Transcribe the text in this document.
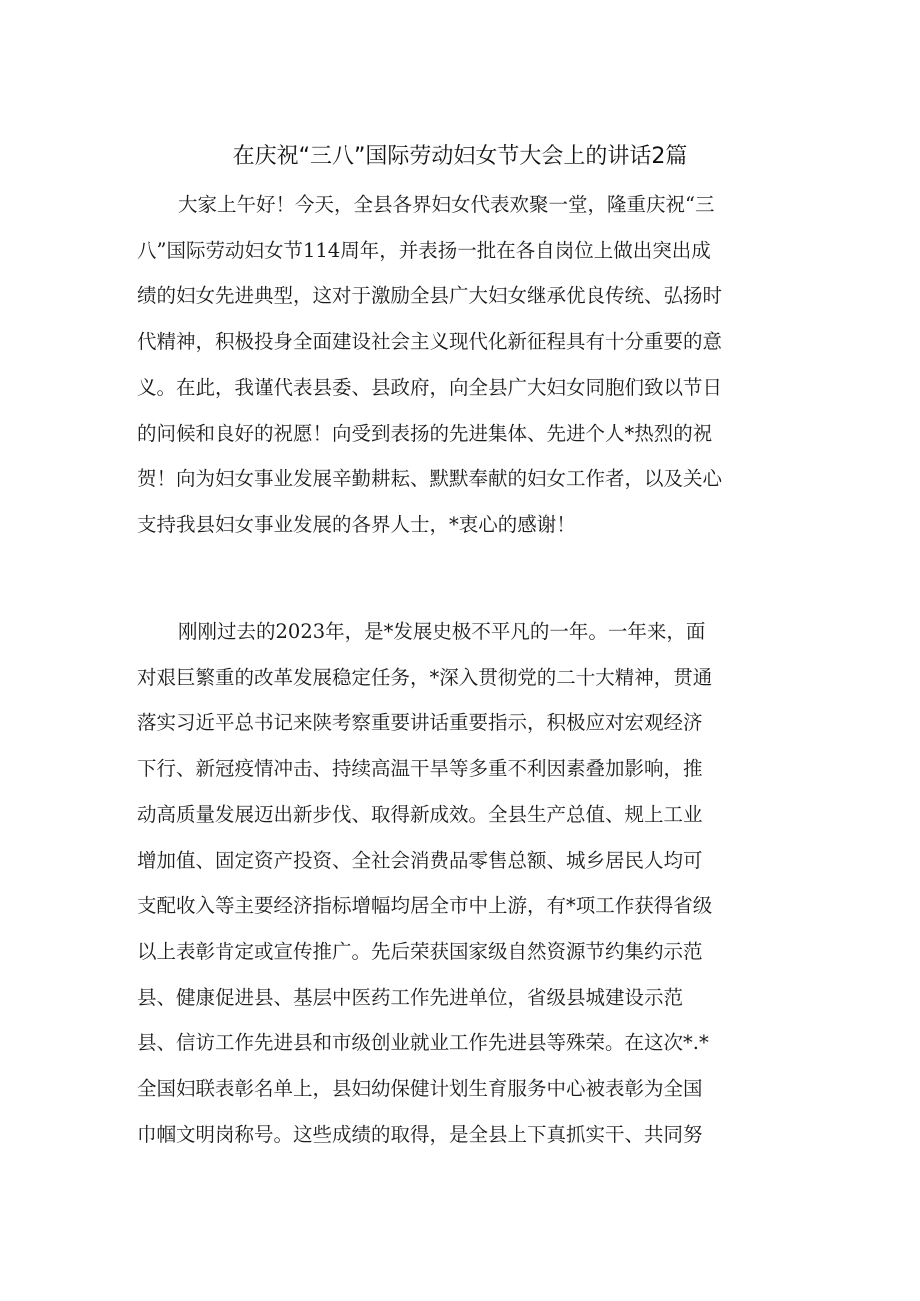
在庆祝“三八”国际劳动妇女节大会上的讲话2篇
大家上午好！今天，全县各界妇女代表欢聚一堂，隆重庆祝“三
八”国际劳动妇女节114周年，并表扬一批在各自岗位上做出突出成
绩的妇女先进典型，这对于激励全县广大妇女继承优良传统、弘扬时
代精神，积极投身全面建设社会主义现代化新征程具有十分重要的意
义。在此，我谨代表县委、县政府，向全县广大妇女同胞们致以节日
的问候和良好的祝愿！向受到表扬的先进集体、先进个人*热烈的祝
贺！向为妇女事业发展辛勤耕耘、默默奉献的妇女工作者，以及关心
支持我县妇女事业发展的各界人士，*衷心的感谢！
刚刚过去的2023年，是*发展史极不平凡的一年。一年来，面
对艰巨繁重的改革发展稳定任务，*深入贯彻党的二十大精神，贯通
落实习近平总书记来陕考察重要讲话重要指示，积极应对宏观经济
下行、新冠疫情冲击、持续高温干旱等多重不利因素叠加影响，推
动高质量发展迈出新步伐、取得新成效。全县生产总值、规上工业
增加值、固定资产投资、全社会消费品零售总额、城乡居民人均可
支配收入等主要经济指标增幅均居全市中上游，有*项工作获得省级
以上表彰肯定或宣传推广。先后荣获国家级自然资源节约集约示范
县、健康促进县、基层中医药工作先进单位，省级县城建设示范
县、信访工作先进县和市级创业就业工作先进县等殊荣。在这次*.*
全国妇联表彰名单上，县妇幼保健计划生育服务中心被表彰为全国
巾帼文明岗称号。这些成绩的取得，是全县上下真抓实干、共同努
